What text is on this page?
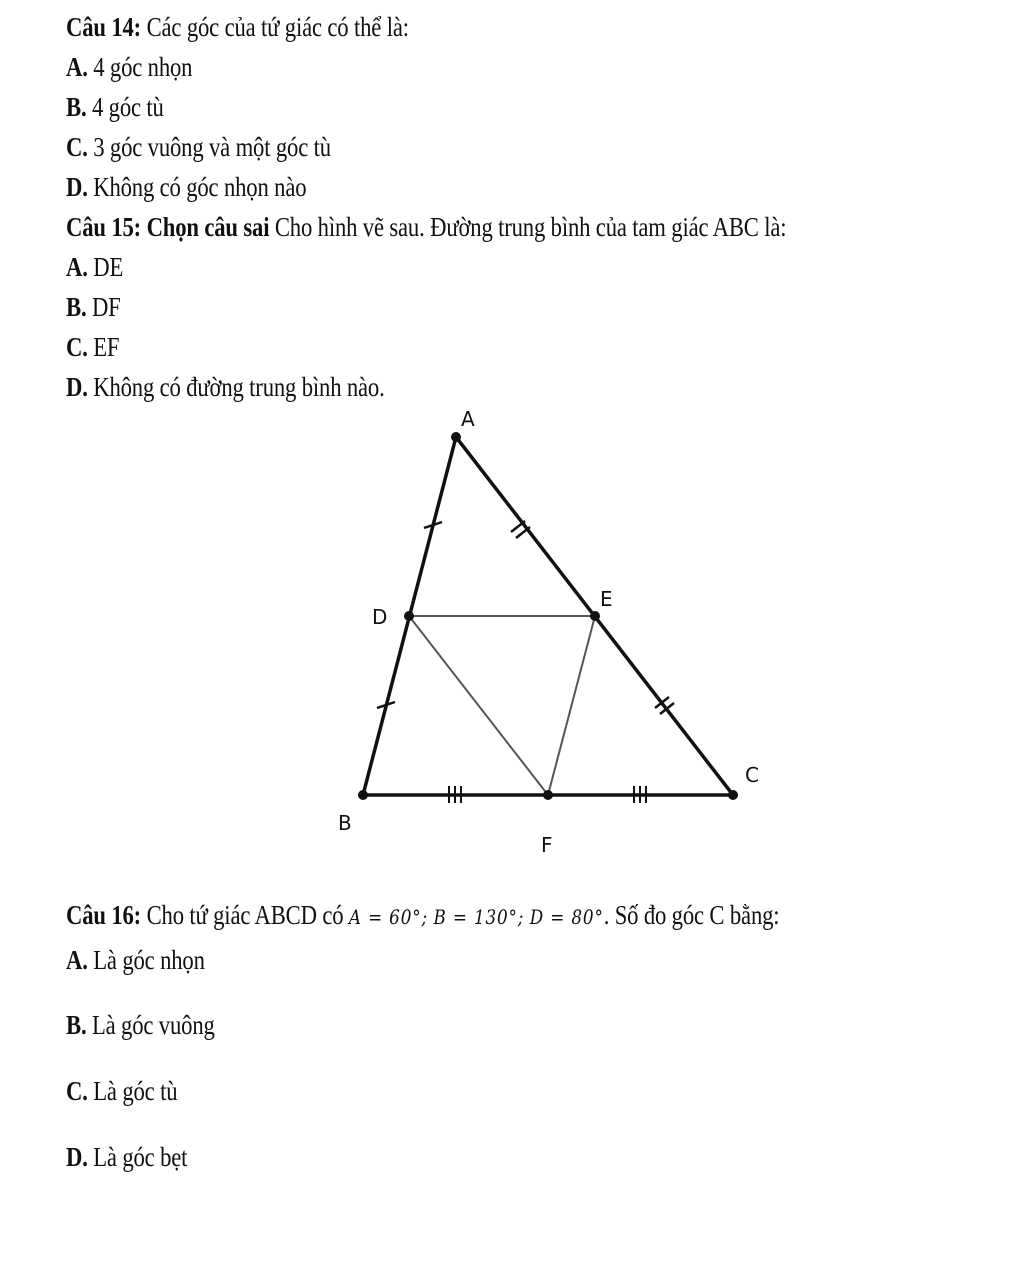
Câu 14: Các góc của tứ giác có thể là:
A. 4 góc nhọn
B. 4 góc tù
C. 3 góc vuông và một góc tù
D. Không có góc nhọn nào
Câu 15: Chọn câu sai Cho hình vẽ sau. Đường trung bình của tam giác ABC là:
A. DE
B. DF
C. EF
D. Không có đường trung bình nào.
A
B
C
D
E
F
Câu 16: Cho tứ giác ABCD có A = 60°; B = 130°; D = 80°. Số đo góc C bằng:
A. Là góc nhọn
B. Là góc vuông
C. Là góc tù
D. Là góc bẹt
